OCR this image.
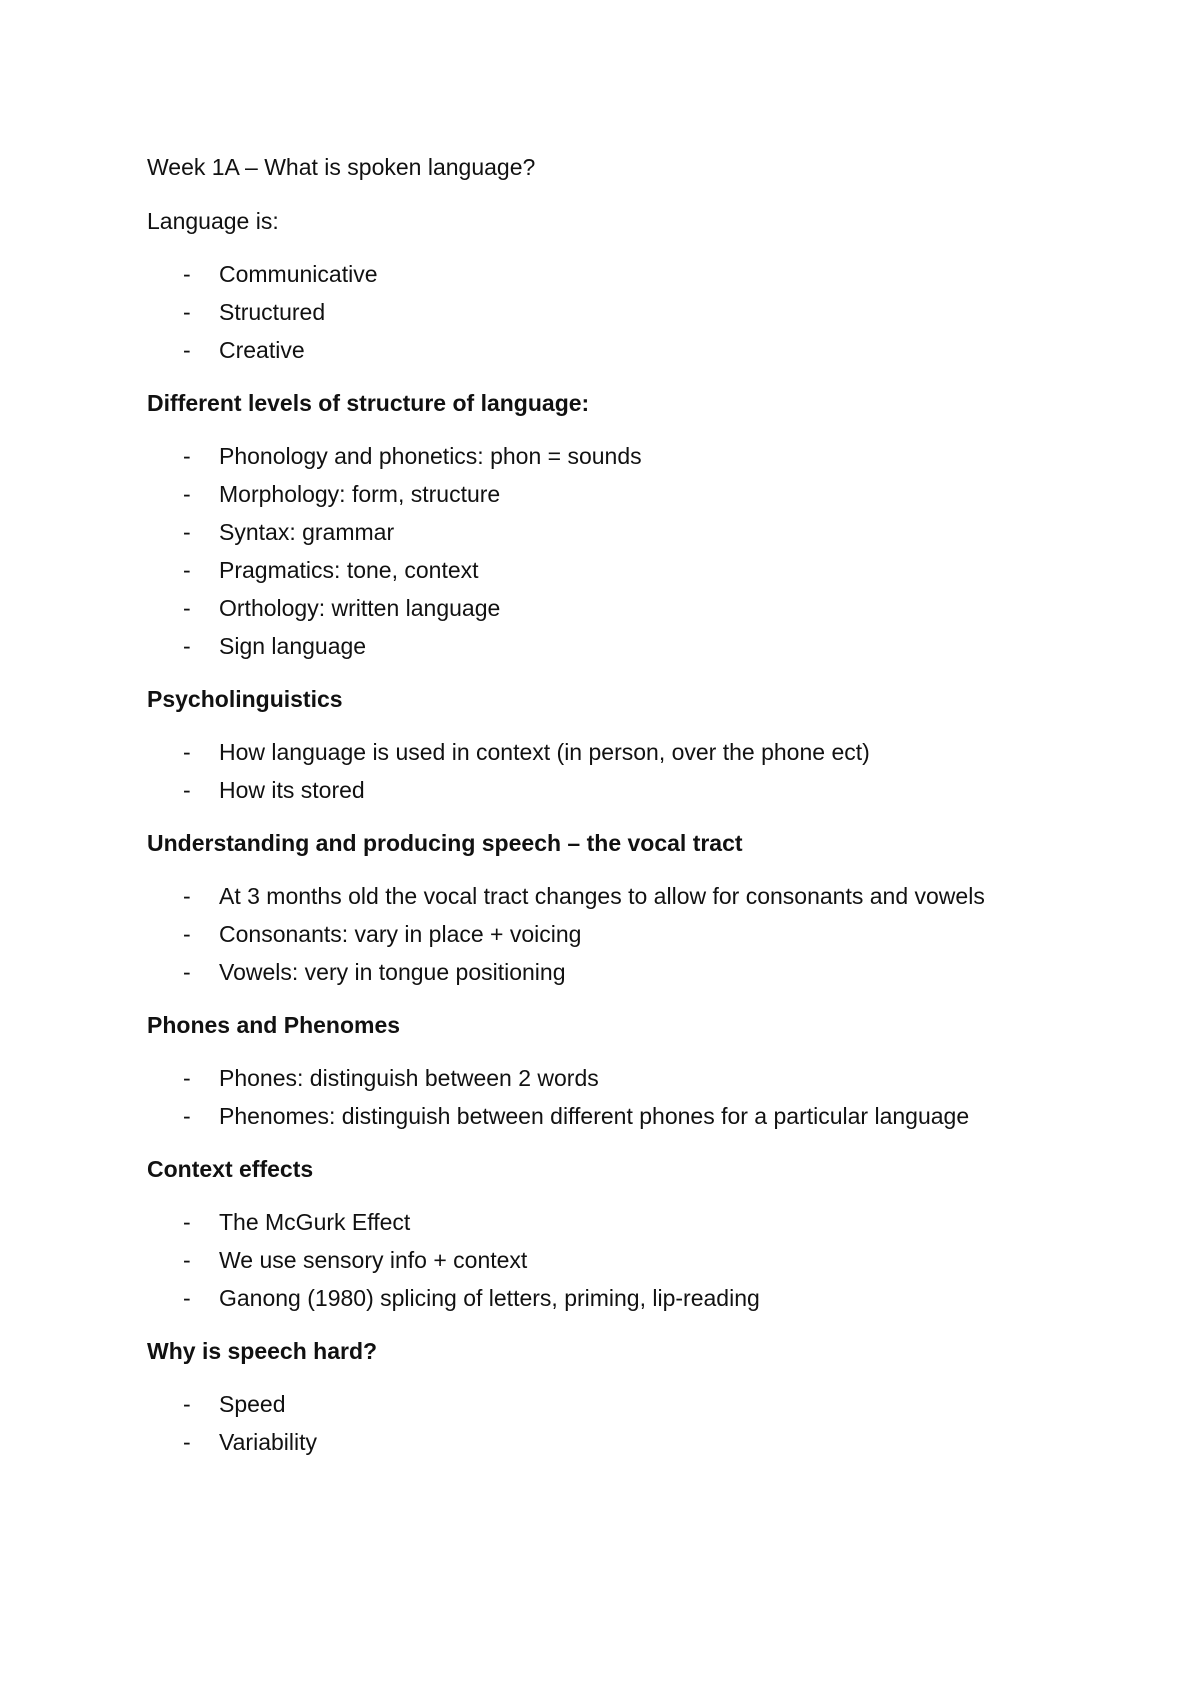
Week 1A – What is spoken language?

Language is:

- Communicative
- Structured
- Creative

Different levels of structure of language:

- Phonology and phonetics: phon = sounds
- Morphology: form, structure
- Syntax: grammar
- Pragmatics: tone, context
- Orthology: written language
- Sign language

Psycholinguistics

- How language is used in context (in person, over the phone ect)
- How its stored

Understanding and producing speech – the vocal tract

- At 3 months old the vocal tract changes to allow for consonants and vowels
- Consonants: vary in place + voicing
- Vowels: very in tongue positioning

Phones and Phenomes

- Phones: distinguish between 2 words
- Phenomes: distinguish between different phones for a particular language

Context effects

- The McGurk Effect
- We use sensory info + context
- Ganong (1980) splicing of letters, priming, lip-reading

Why is speech hard?

- Speed
- Variability
